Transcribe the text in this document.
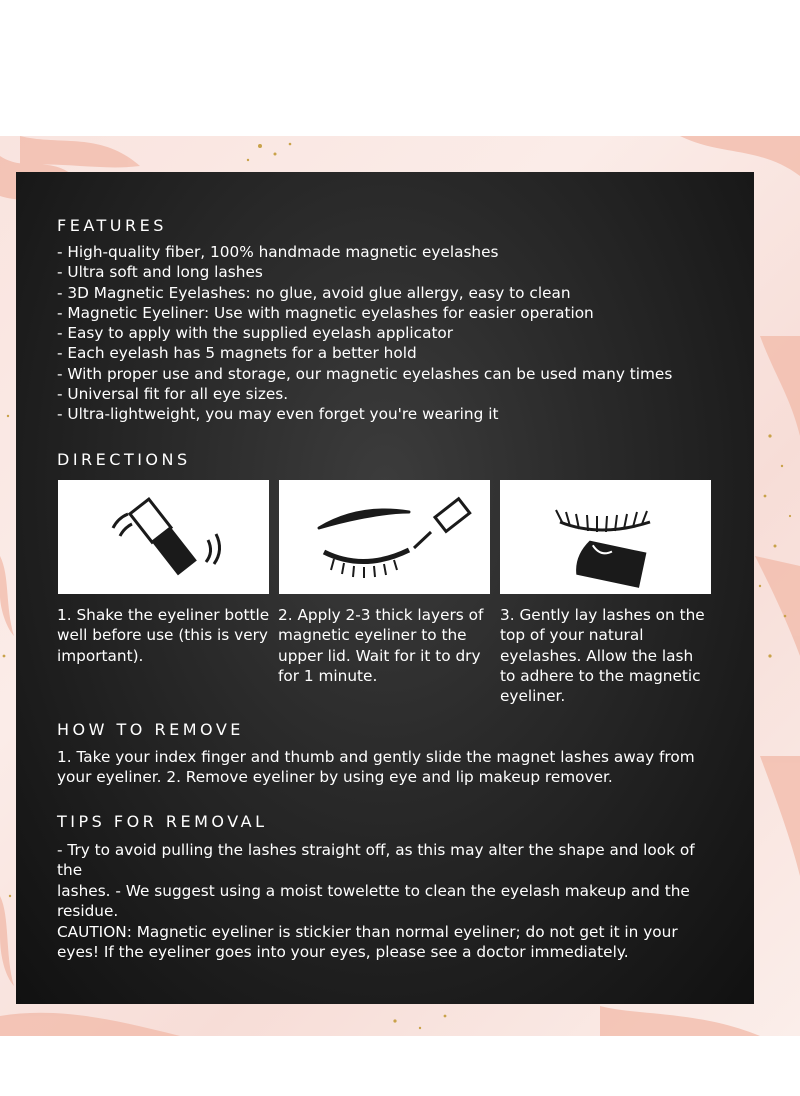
FEATURES
- High-quality fiber, 100% handmade magnetic eyelashes
- Ultra soft and long lashes
- 3D Magnetic Eyelashes: no glue, avoid glue allergy, easy to clean
- Magnetic Eyeliner: Use with magnetic eyelashes for easier operation
- Easy to apply with the supplied eyelash applicator
- Each eyelash has 5 magnets for a better hold
- With proper use and storage, our magnetic eyelashes can be used many times
- Universal fit for all eye sizes.
- Ultra-lightweight, you may even forget you're wearing it
DIRECTIONS
1. Shake the eyeliner bottle
well before use (this is very
important).
2. Apply 2-3 thick layers of
magnetic eyeliner to the
upper lid. Wait for it to dry
for 1 minute.
3. Gently lay lashes on the
top of your natural
eyelashes. Allow the lash
to adhere to the magnetic
eyeliner.
HOW TO REMOVE
1. Take your index finger and thumb and gently slide the magnet lashes away from
your eyeliner. 2. Remove eyeliner by using eye and lip makeup remover.
TIPS FOR REMOVAL
- Try to avoid pulling the lashes straight off, as this may alter the shape and look of the
lashes. - We suggest using a moist towelette to clean the eyelash makeup and the
residue.
CAUTION: Magnetic eyeliner is stickier than normal eyeliner; do not get it in your
eyes! If the eyeliner goes into your eyes, please see a doctor immediately.
